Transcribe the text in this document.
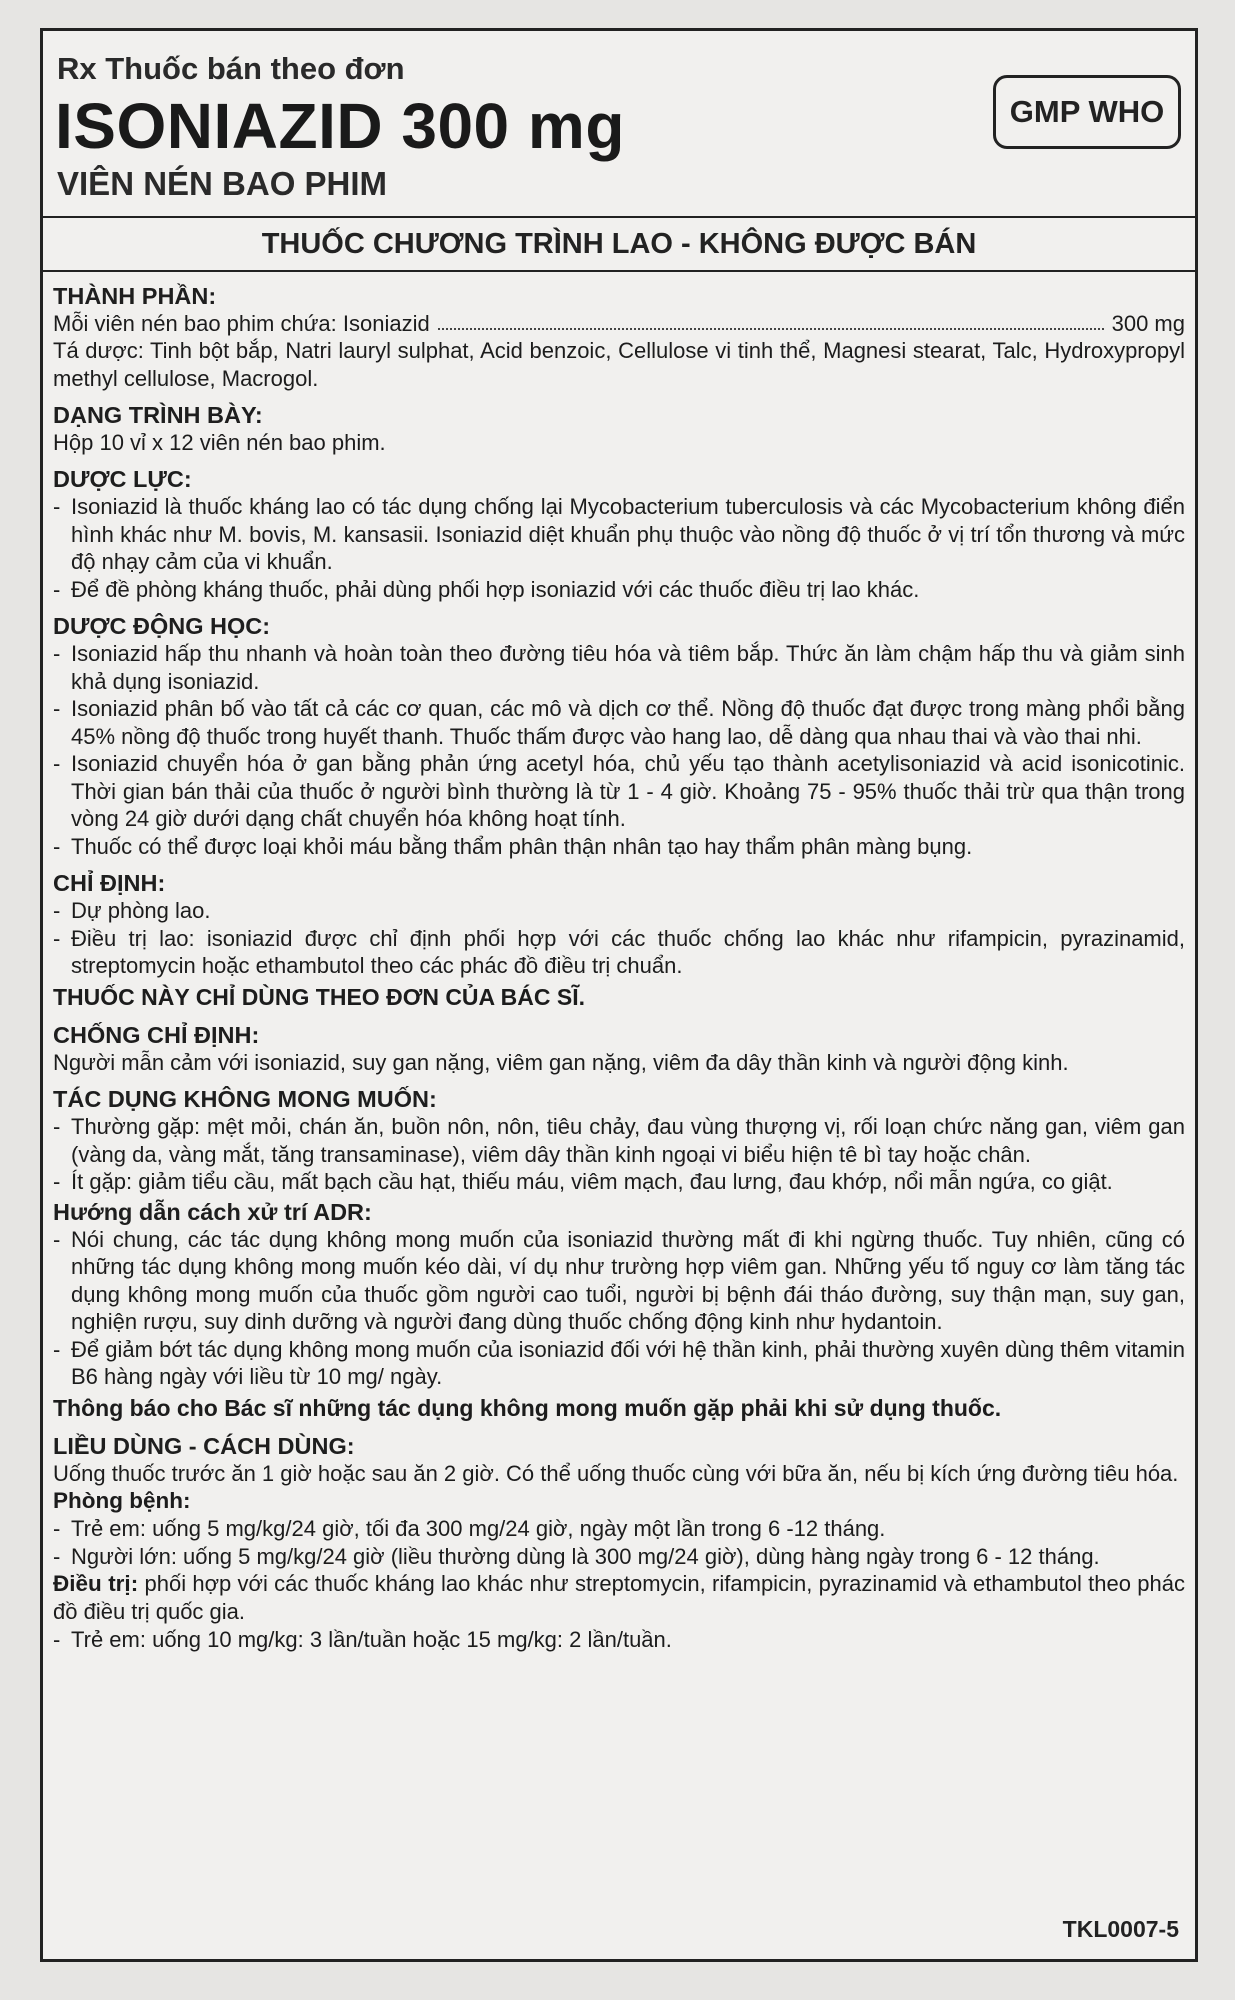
Rx Thuốc bán theo đơn
ISONIAZID 300 mg
VIÊN NÉN BAO PHIM
GMP WHO
THUỐC CHƯƠNG TRÌNH LAO - KHÔNG ĐƯỢC BÁN
THÀNH PHẦN:
Mỗi viên nén bao phim chứa: Isoniazid	300 mg
Tá dược: Tinh bột bắp, Natri lauryl sulphat, Acid benzoic, Cellulose vi tinh thể, Magnesi stearat, Talc, Hydroxypropyl methyl cellulose, Macrogol.
DẠNG TRÌNH BÀY:
Hộp 10 vỉ x 12 viên nén bao phim.
DƯỢC LỰC:
- Isoniazid là thuốc kháng lao có tác dụng chống lại Mycobacterium tuberculosis và các Mycobacterium không điển hình khác như M. bovis, M. kansasii. Isoniazid diệt khuẩn phụ thuộc vào nồng độ thuốc ở vị trí tổn thương và mức độ nhạy cảm của vi khuẩn.
- Để đề phòng kháng thuốc, phải dùng phối hợp isoniazid với các thuốc điều trị lao khác.
DƯỢC ĐỘNG HỌC:
- Isoniazid hấp thu nhanh và hoàn toàn theo đường tiêu hóa và tiêm bắp. Thức ăn làm chậm hấp thu và giảm sinh khả dụng isoniazid.
- Isoniazid phân bố vào tất cả các cơ quan, các mô và dịch cơ thể. Nồng độ thuốc đạt được trong màng phổi bằng 45% nồng độ thuốc trong huyết thanh. Thuốc thấm được vào hang lao, dễ dàng qua nhau thai và vào thai nhi.
- Isoniazid chuyển hóa ở gan bằng phản ứng acetyl hóa, chủ yếu tạo thành acetylisoniazid và acid isonicotinic. Thời gian bán thải của thuốc ở người bình thường là từ 1 - 4 giờ. Khoảng 75 - 95% thuốc thải trừ qua thận trong vòng 24 giờ dưới dạng chất chuyển hóa không hoạt tính.
- Thuốc có thể được loại khỏi máu bằng thẩm phân thận nhân tạo hay thẩm phân màng bụng.
CHỈ ĐỊNH:
- Dự phòng lao.
- Điều trị lao: isoniazid được chỉ định phối hợp với các thuốc chống lao khác như rifampicin, pyrazinamid, streptomycin hoặc ethambutol theo các phác đồ điều trị chuẩn.
THUỐC NÀY CHỈ DÙNG THEO ĐƠN CỦA BÁC SĨ.
CHỐNG CHỈ ĐỊNH:
Người mẫn cảm với isoniazid, suy gan nặng, viêm gan nặng, viêm đa dây thần kinh và người động kinh.
TÁC DỤNG KHÔNG MONG MUỐN:
- Thường gặp: mệt mỏi, chán ăn, buồn nôn, nôn, tiêu chảy, đau vùng thượng vị, rối loạn chức năng gan, viêm gan (vàng da, vàng mắt, tăng transaminase), viêm dây thần kinh ngoại vi biểu hiện tê bì tay hoặc chân.
- Ít gặp: giảm tiểu cầu, mất bạch cầu hạt, thiếu máu, viêm mạch, đau lưng, đau khớp, nổi mẫn ngứa, co giật.
Hướng dẫn cách xử trí ADR:
- Nói chung, các tác dụng không mong muốn của isoniazid thường mất đi khi ngừng thuốc. Tuy nhiên, cũng có những tác dụng không mong muốn kéo dài, ví dụ như trường hợp viêm gan. Những yếu tố nguy cơ làm tăng tác dụng không mong muốn của thuốc gồm người cao tuổi, người bị bệnh đái tháo đường, suy thận mạn, suy gan, nghiện rượu, suy dinh dưỡng và người đang dùng thuốc chống động kinh như hydantoin.
- Để giảm bớt tác dụng không mong muốn của isoniazid đối với hệ thần kinh, phải thường xuyên dùng thêm vitamin B6 hàng ngày với liều từ 10 mg/ ngày.
Thông báo cho Bác sĩ những tác dụng không mong muốn gặp phải khi sử dụng thuốc.
LIỀU DÙNG - CÁCH DÙNG:
Uống thuốc trước ăn 1 giờ hoặc sau ăn 2 giờ. Có thể uống thuốc cùng với bữa ăn, nếu bị kích ứng đường tiêu hóa.
Phòng bệnh:
- Trẻ em: uống 5 mg/kg/24 giờ, tối đa 300 mg/24 giờ, ngày một lần trong 6 -12 tháng.
- Người lớn: uống 5 mg/kg/24 giờ (liều thường dùng là 300 mg/24 giờ), dùng hàng ngày trong 6 - 12 tháng.
Điều trị: phối hợp với các thuốc kháng lao khác như streptomycin, rifampicin, pyrazinamid và ethambutol theo phác đồ điều trị quốc gia.
- Trẻ em: uống 10 mg/kg: 3 lần/tuần hoặc 15 mg/kg: 2 lần/tuần.
TKL0007-5
